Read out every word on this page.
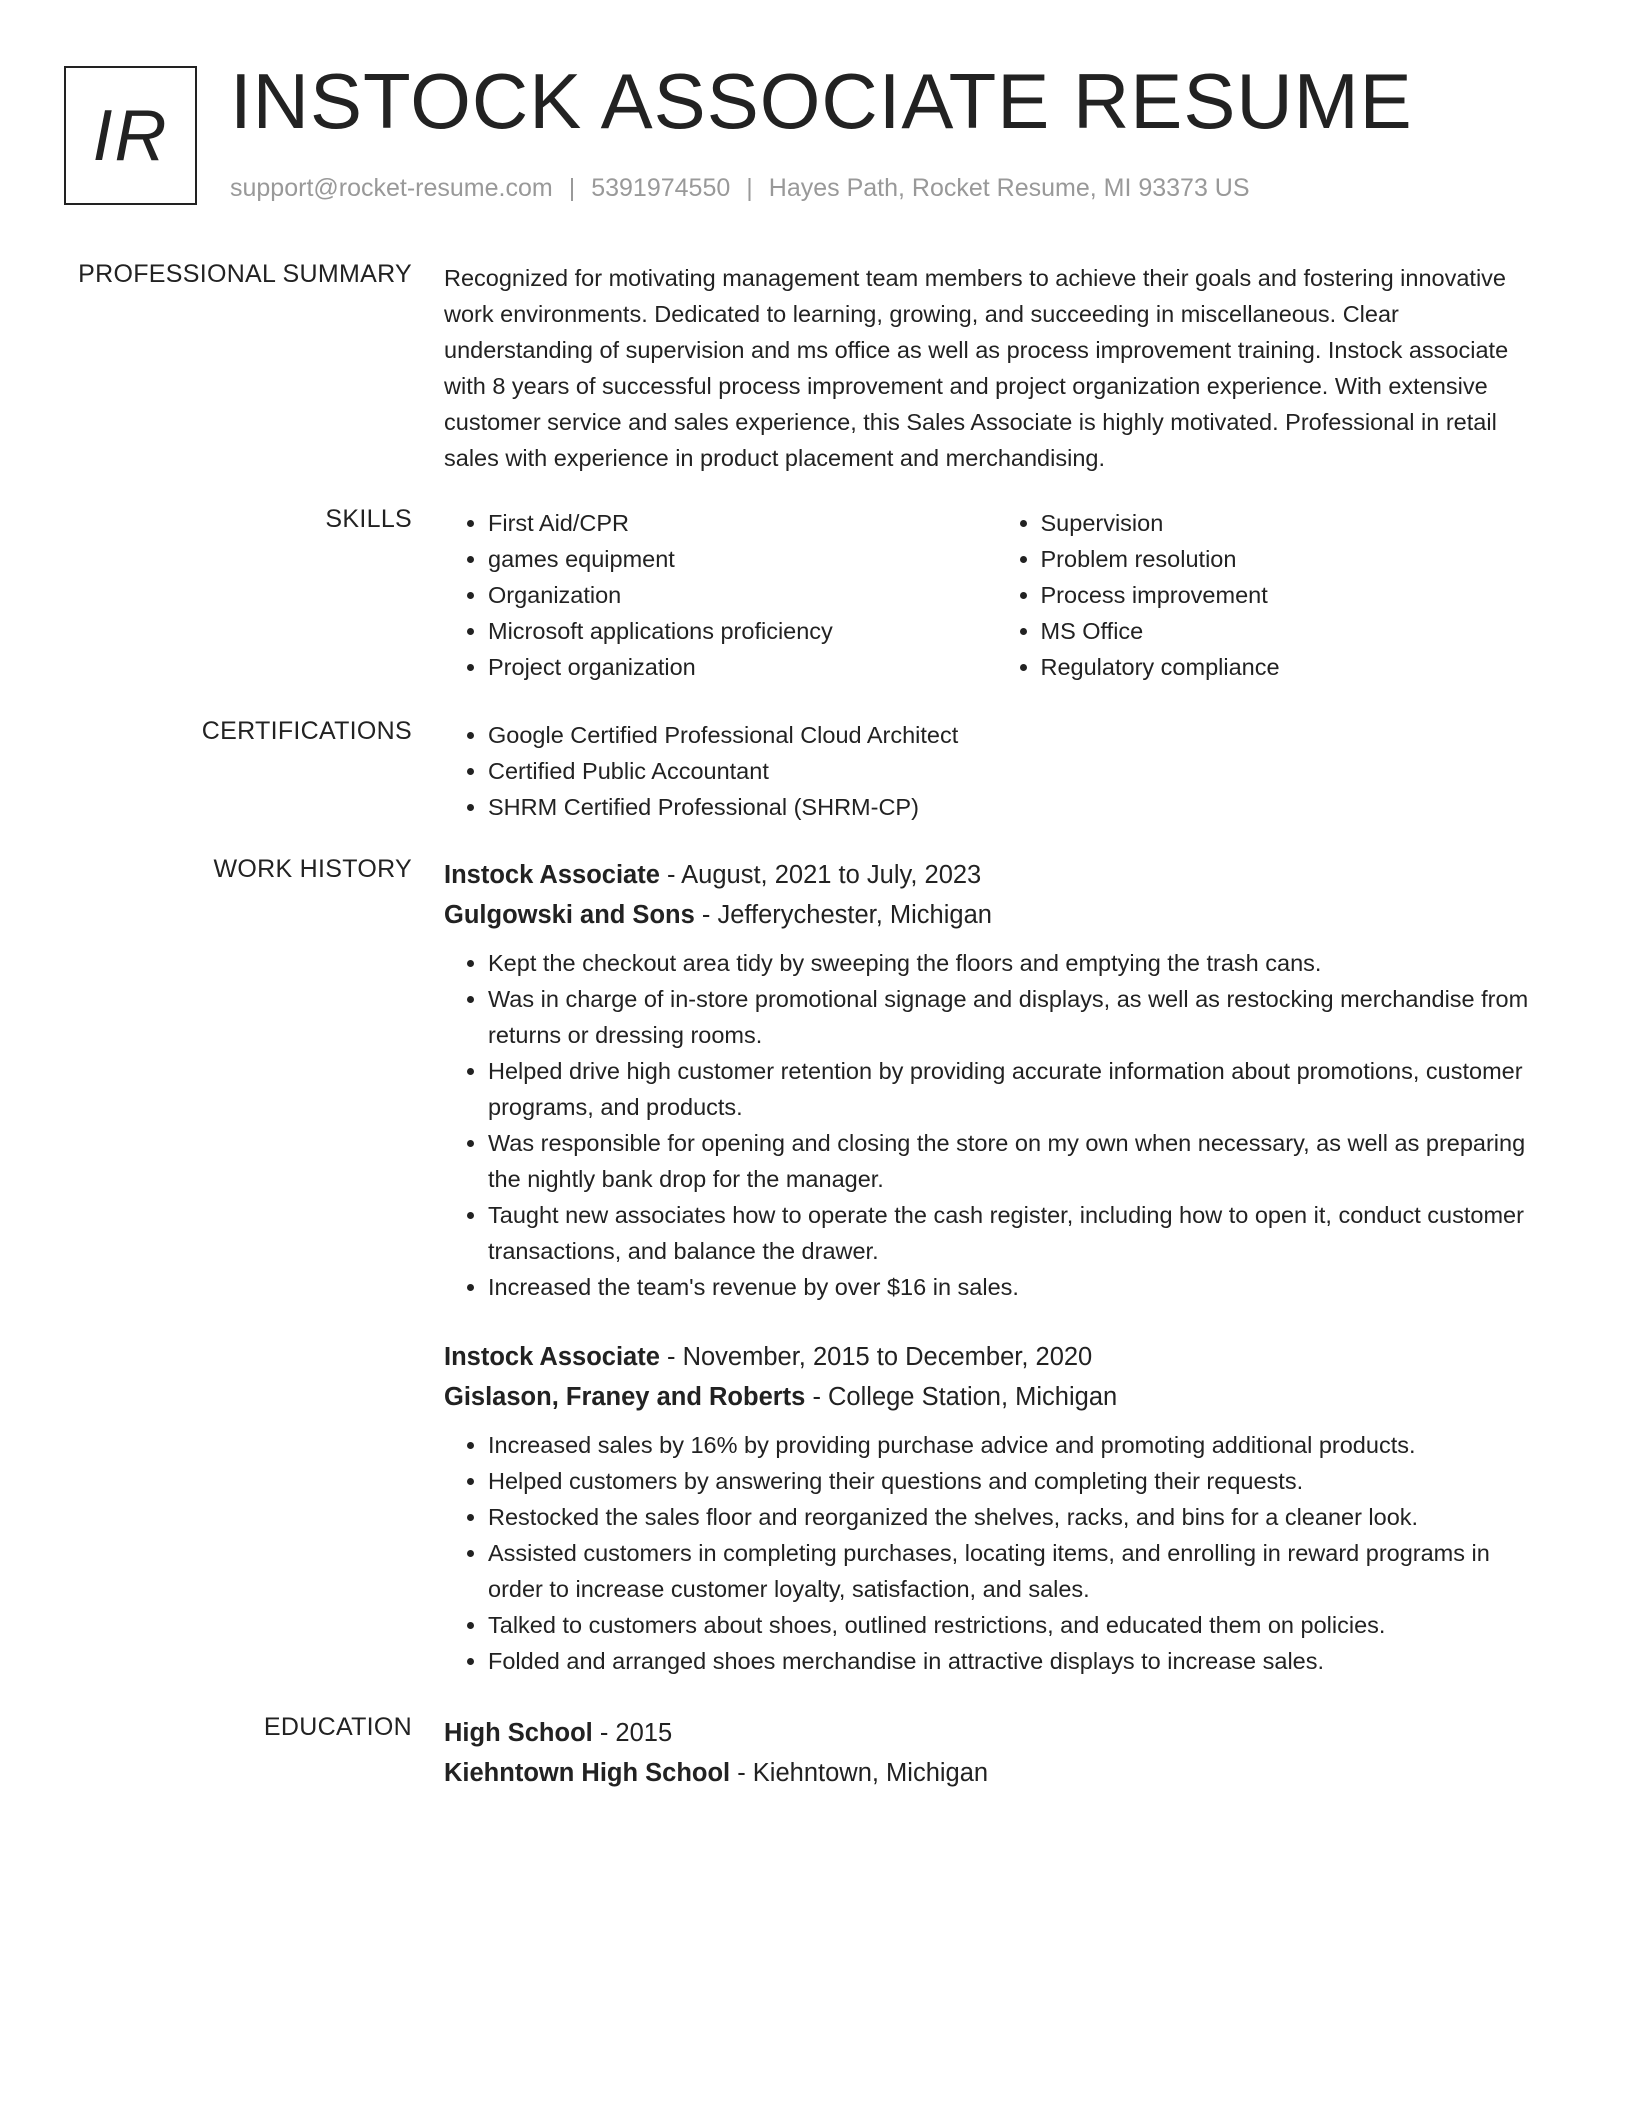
IR INSTOCK ASSOCIATE RESUME
support@rocket-resume.com | 5391974550 | Hayes Path, Rocket Resume, MI 93373 US
PROFESSIONAL SUMMARY Recognized for motivating management team members to achieve their goals and fostering innovative work environments. Dedicated to learning, growing, and succeeding in miscellaneous. Clear understanding of supervision and ms office as well as process improvement training. Instock associate with 8 years of successful process improvement and project organization experience. With extensive customer service and sales experience, this Sales Associate is highly motivated. Professional in retail sales with experience in product placement and merchandising.
SKILLS	• First Aid/CPR
• games equipment
• Organization
• Microsoft applications proficiency
• Project organization
• Supervision
• Problem resolution
• Process improvement
• MS Office
• Regulatory compliance
CERTIFICATIONS	• Google Certified Professional Cloud Architect
• Certified Public Accountant
• SHRM Certified Professional (SHRM-CP)
WORK HISTORY Instock Associate - August, 2021 to July, 2023
Gulgowski and Sons - Jefferychester, Michigan
• Kept the checkout area tidy by sweeping the floors and emptying the trash cans.
• Was in charge of in-store promotional signage and displays, as well as restocking merchandise from returns or dressing rooms.
• Helped drive high customer retention by providing accurate information about promotions, customer programs, and products.
• Was responsible for opening and closing the store on my own when necessary, as well as preparing the nightly bank drop for the manager.
• Taught new associates how to operate the cash register, including how to open it, conduct customer transactions, and balance the drawer.
• Increased the team's revenue by over $16 in sales.
Instock Associate - November, 2015 to December, 2020
Gislason, Franey and Roberts - College Station, Michigan
• Increased sales by 16% by providing purchase advice and promoting additional products.
• Helped customers by answering their questions and completing their requests.
• Restocked the sales floor and reorganized the shelves, racks, and bins for a cleaner look.
• Assisted customers in completing purchases, locating items, and enrolling in reward programs in order to increase customer loyalty, satisfaction, and sales.
• Talked to customers about shoes, outlined restrictions, and educated them on policies.
• Folded and arranged shoes merchandise in attractive displays to increase sales.
EDUCATION High School - 2015
Kiehntown High School - Kiehntown, Michigan
